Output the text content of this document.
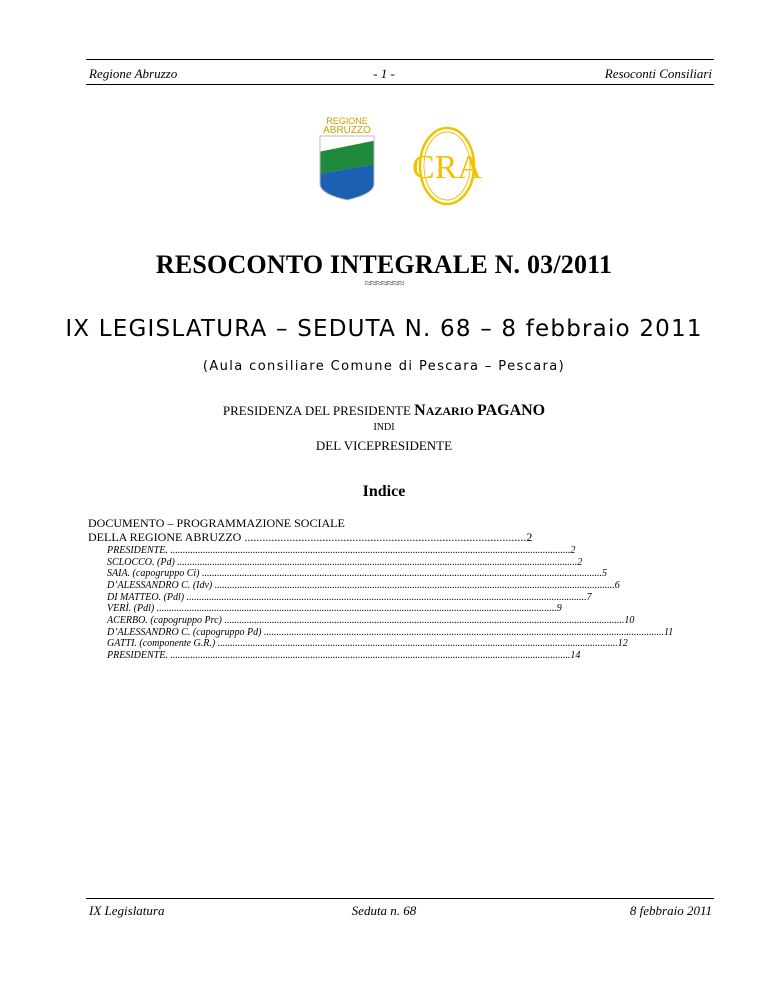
Regione Abruzzo	- 1 -	Resoconti Consiliari
REGIONE
ABRUZZO
CRA
RESOCONTO INTEGRALE N. 03/2011
≈≈≈≈≈≈≈
IX LEGISLATURA – SEDUTA N. 68 – 8 febbraio 2011
(Aula consiliare Comune di Pescara – Pescara)
PRESIDENZA DEL PRESIDENTE NAZARIO PAGANO
INDI
DEL VICEPRESIDENTE
Indice
DOCUMENTO – PROGRAMMAZIONE SOCIALE
DELLA REGIONE ABRUZZO .............................................................................................. 2
PRESIDENTE. ................................................................................................................................................................ 2
SCLOCCO. (Pd) ................................................................................................................................................................ 2
SAIA. (capogruppo Ci) ................................................................................................................................................................ 5
D’ALESSANDRO C. (Idv) ................................................................................................................................................................ 6
DI MATTEO. (Pdl) ................................................................................................................................................................ 7
VERÌ. (Pdl) ................................................................................................................................................................ 9
ACERBO. (capogruppo Prc) ................................................................................................................................................................ 10
D’ALESSANDRO C. (capogruppo Pd) ................................................................................................................................................................ 11
GATTI. (componente G.R.) ................................................................................................................................................................ 12
PRESIDENTE. ................................................................................................................................................................ 14
IX Legislatura	Seduta n. 68	8 febbraio 2011
